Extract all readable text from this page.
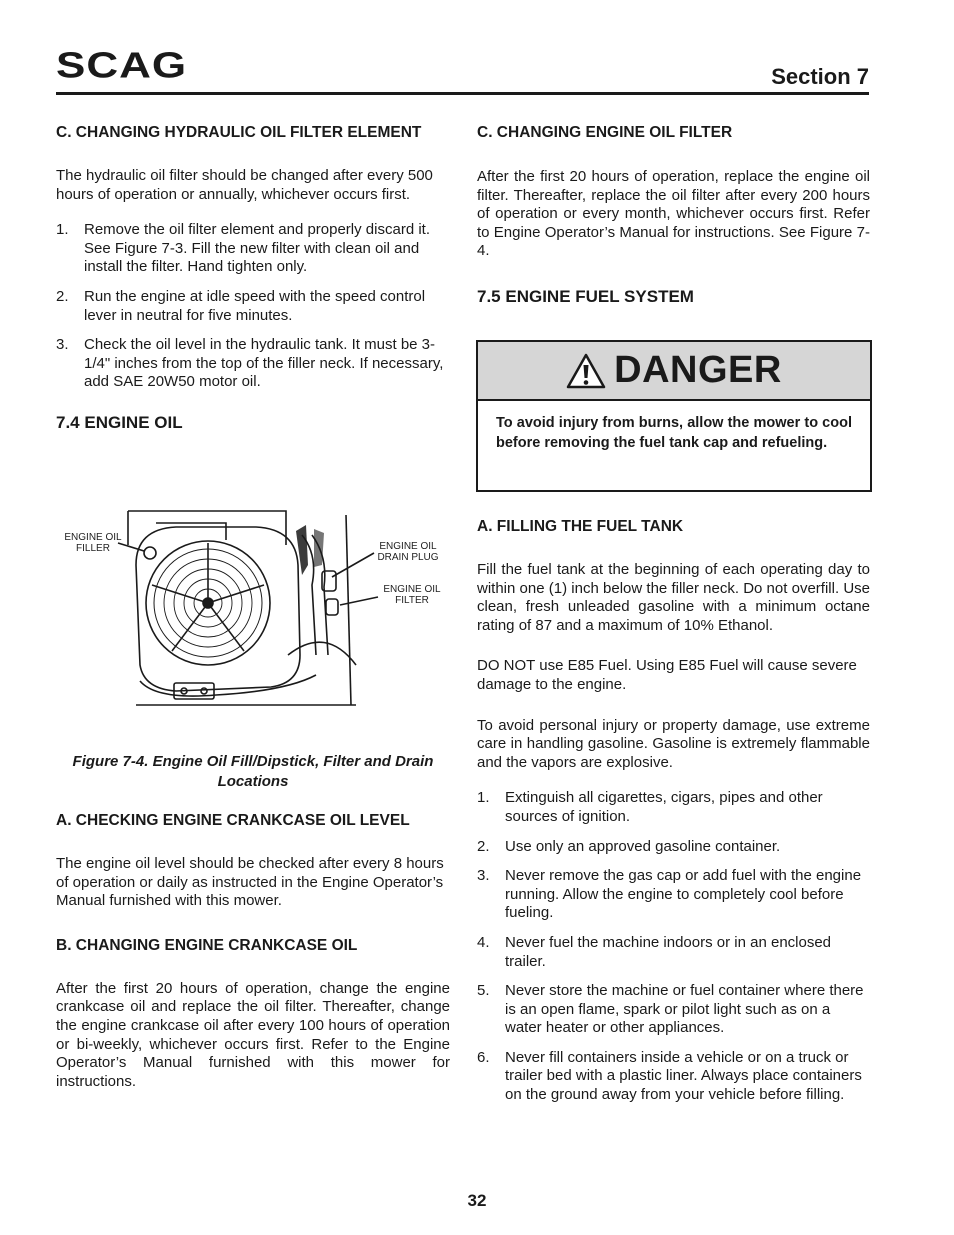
SCAG	Section 7
C. CHANGING HYDRAULIC OIL FILTER ELEMENT

The hydraulic oil filter should be changed after every 500 hours of operation or annually, whichever occurs first.

1. Remove the oil filter element and properly discard it. See Figure 7-3. Fill the new filter with clean oil and install the filter. Hand tighten only.
2. Run the engine at idle speed with the speed control lever in neutral for five minutes.
3. Check the oil level in the hydraulic tank. It must be 3-1/4" inches from the top of the filler neck. If necessary, add SAE 20W50 motor oil.
7.4 ENGINE OIL
ENGINE OIL FILLER	ENGINE OIL DRAIN PLUG
ENGINE OIL FILTER

Figure 7-4. Engine Oil Fill/Dipstick, Filter and Drain Locations

A. CHECKING ENGINE CRANKCASE OIL LEVEL

The engine oil level should be checked after every 8 hours of operation or daily as instructed in the Engine Operator’s Manual furnished with this mower.

B. CHANGING ENGINE CRANKCASE OIL

After the first 20 hours of operation, change the engine crankcase oil and replace the oil filter. Thereafter, change the engine crankcase oil after every 100 hours of operation or bi-weekly, whichever occurs first. Refer to the Engine Operator’s Manual furnished with this mower for instructions.

C. CHANGING ENGINE OIL FILTER

After the first 20 hours of operation, replace the engine oil filter. Thereafter, replace the oil filter after every 200 hours of operation or every month, whichever occurs first. Refer to Engine Operator’s Manual for instructions. See Figure 7-4.

7.5 ENGINE FUEL SYSTEM
DANGER
To avoid injury from burns, allow the mower to cool before removing the fuel tank cap and refueling.
A. FILLING THE FUEL TANK

Fill the fuel tank at the beginning of each operating day to within one (1) inch below the filler neck. Do not overfill. Use clean, fresh unleaded gasoline with a minimum octane rating of 87 and a maximum of 10% Ethanol.

DO NOT use E85 Fuel. Using E85 Fuel will cause severe damage to the engine.

To avoid personal injury or property damage, use extreme care in handling gasoline. Gasoline is extremely flammable and the vapors are explosive.

1. Extinguish all cigarettes, cigars, pipes and other sources of ignition.
2. Use only an approved gasoline container.
3. Never remove the gas cap or add fuel with the engine running. Allow the engine to completely cool before fueling.
4. Never fuel the machine indoors or in an enclosed trailer.
5. Never store the machine or fuel container where there is an open flame, spark or pilot light such as on a water heater or other appliances.
6. Never fill containers inside a vehicle or on a truck or trailer bed with a plastic liner. Always place containers on the ground away from your vehicle before filling.
32
